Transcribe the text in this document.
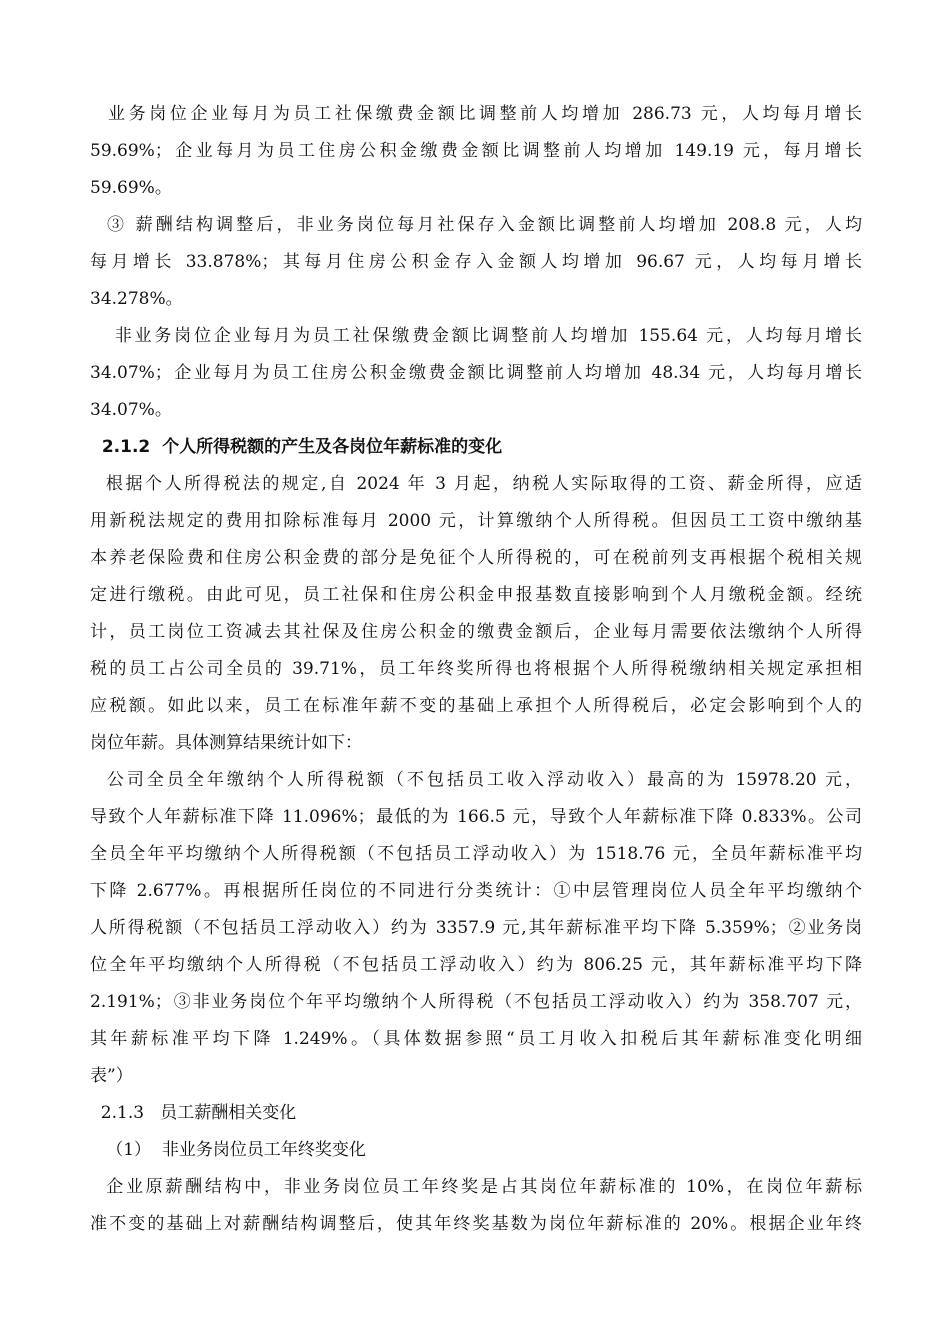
业务岗位企业每月为员工社保缴费金额比调整前人均增加 286.73 元，人均每月增长
59.69%；企业每月为员工住房公积金缴费金额比调整前人均增加 149.19 元，每月增长
59.69%。
③ 薪酬结构调整后，非业务岗位每月社保存入金额比调整前人均增加 208.8 元，人均
每月增长 33.878%；其每月住房公积金存入金额人均增加 96.67 元，人均每月增长
34.278%。
非业务岗位企业每月为员工社保缴费金额比调整前人均增加 155.64 元，人均每月增长
34.07%；企业每月为员工住房公积金缴费金额比调整前人均增加 48.34 元，人均每月增长
34.07%。
2.1.2  个人所得税额的产生及各岗位年薪标准的变化
根据个人所得税法的规定,自 2024 年 3 月起，纳税人实际取得的工资、薪金所得，应适
用新税法规定的费用扣除标准每月 2000 元，计算缴纳个人所得税。但因员工工资中缴纳基
本养老保险费和住房公积金费的部分是免征个人所得税的，可在税前列支再根据个税相关规
定进行缴税。由此可见，员工社保和住房公积金申报基数直接影响到个人月缴税金额。经统
计，员工岗位工资减去其社保及住房公积金的缴费金额后，企业每月需要依法缴纳个人所得
税的员工占公司全员的 39.71%，员工年终奖所得也将根据个人所得税缴纳相关规定承担相
应税额。如此以来，员工在标准年薪不变的基础上承担个人所得税后，必定会影响到个人的
岗位年薪。具体测算结果统计如下：
公司全员全年缴纳个人所得税额（不包括员工收入浮动收入）最高的为 15978.20 元，
导致个人年薪标准下降 11.096%；最低的为 166.5 元，导致个人年薪标准下降 0.833%。公司
全员全年平均缴纳个人所得税额（不包括员工浮动收入）为 1518.76 元，全员年薪标准平均
下降 2.677%。再根据所任岗位的不同进行分类统计：①中层管理岗位人员全年平均缴纳个
人所得税额（不包括员工浮动收入）约为 3357.9 元,其年薪标准平均下降 5.359%；②业务岗
位全年平均缴纳个人所得税（不包括员工浮动收入）约为 806.25 元，其年薪标准平均下降
2.191%；③非业务岗位个年平均缴纳个人所得税（不包括员工浮动收入）约为 358.707 元，
其年薪标准平均下降 1.249%。（具体数据参照“员工月收入扣税后其年薪标准变化明细
表”）
2.1.3   员工薪酬相关变化
（1）  非业务岗位员工年终奖变化
企业原薪酬结构中，非业务岗位员工年终奖是占其岗位年薪标准的 10%，在岗位年薪标
准不变的基础上对薪酬结构调整后，使其年终奖基数为岗位年薪标准的 20%。根据企业年终
